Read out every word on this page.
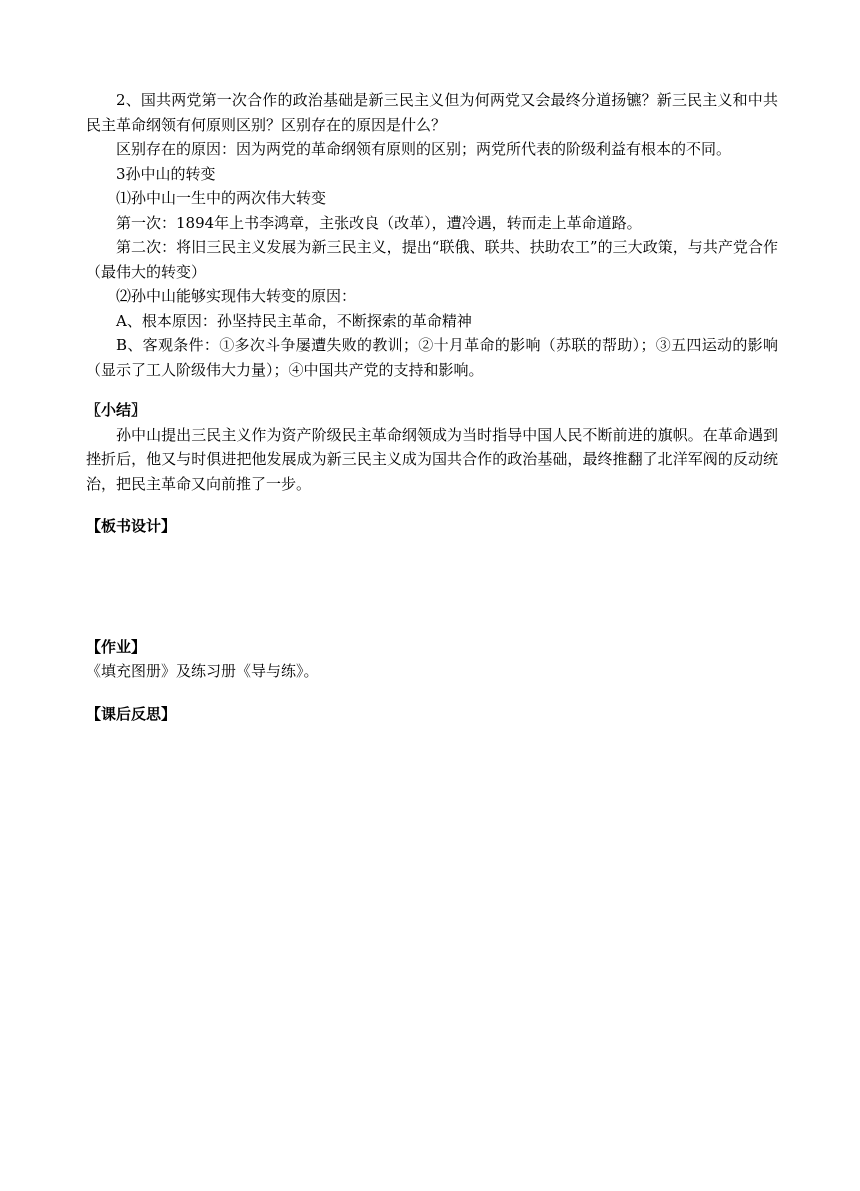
2、国共两党第一次合作的政治基础是新三民主义但为何两党又会最终分道扬镳？新三民主义和中共民主革命纲领有何原则区别？区别存在的原因是什么？

区别存在的原因：因为两党的革命纲领有原则的区别；两党所代表的阶级利益有根本的不同。

3孙中山的转变

⑴孙中山一生中的两次伟大转变

第一次：1894年上书李鸿章，主张改良（改革），遭冷遇，转而走上革命道路。

第二次：将旧三民主义发展为新三民主义，提出“联俄、联共、扶助农工”的三大政策，与共产党合作（最伟大的转变）

⑵孙中山能够实现伟大转变的原因：

A、根本原因：孙坚持民主革命，不断探索的革命精神

B、客观条件：①多次斗争屡遭失败的教训；②十月革命的影响（苏联的帮助）；③五四运动的影响（显示了工人阶级伟大力量）；④中国共产党的支持和影响。

〖小结〗

孙中山提出三民主义作为资产阶级民主革命纲领成为当时指导中国人民不断前进的旗帜。在革命遇到挫折后，他又与时俱进把他发展成为新三民主义成为国共合作的政治基础，最终推翻了北洋军阀的反动统治，把民主革命又向前推了一步。

【板书设计】

【作业】

《填充图册》及练习册《导与练》。

【课后反思】
